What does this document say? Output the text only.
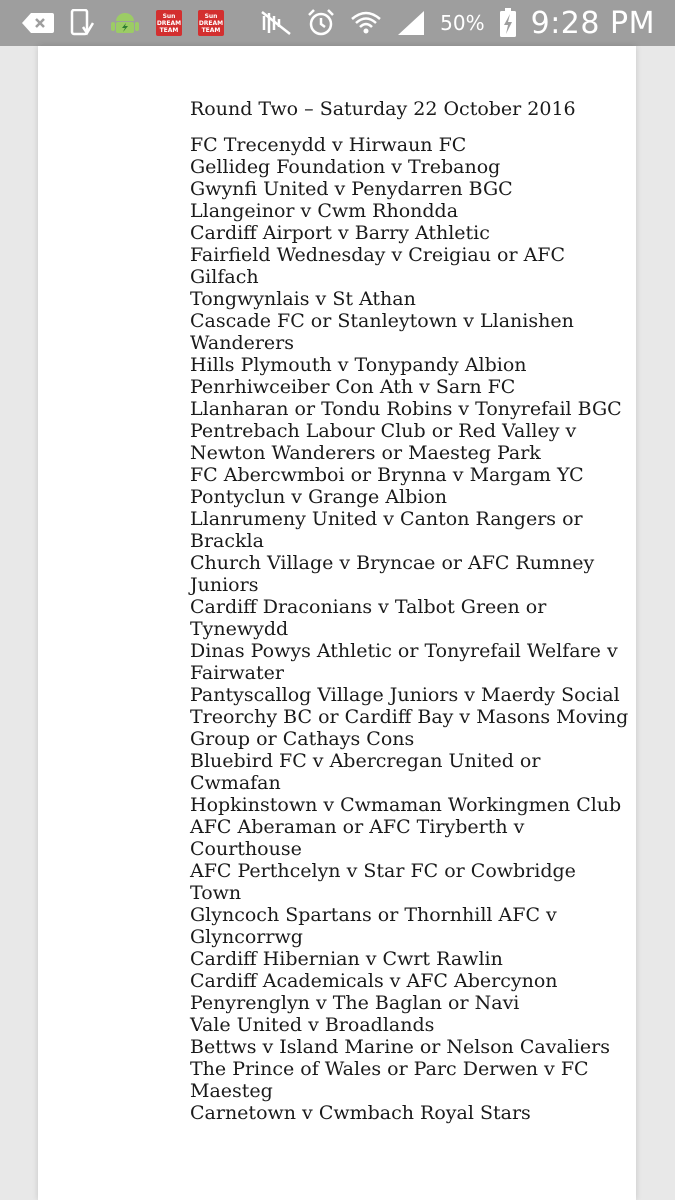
Sun DREAM TEAM
Sun DREAM TEAM	50% 9:28 PM
Round Two – Saturday 22 October 2016
FC Trecenydd v Hirwaun FC
Gellideg Foundation v Trebanog
Gwynfi United v Penydarren BGC
Llangeinor v Cwm Rhondda
Cardiff Airport v Barry Athletic
Fairfield Wednesday v Creigiau or AFC Gilfach
Tongwynlais v St Athan
Cascade FC or Stanleytown v Llanishen Wanderers
Hills Plymouth v Tonypandy Albion
Penrhiwceiber Con Ath v Sarn FC
Llanharan or Tondu Robins v Tonyrefail BGC
Pentrebach Labour Club or Red Valley v Newton Wanderers or Maesteg Park
FC Abercwmboi or Brynna v Margam YC
Pontyclun v Grange Albion
Llanrumeny United v Canton Rangers or Brackla
Church Village v Bryncae or AFC Rumney Juniors
Cardiff Draconians v Talbot Green or Tynewydd
Dinas Powys Athletic or Tonyrefail Welfare v Fairwater
Pantyscallog Village Juniors v Maerdy Social
Treorchy BC or Cardiff Bay v Masons Moving Group or Cathays Cons
Bluebird FC v Abercregan United or Cwmafan
Hopkinstown v Cwmaman Workingmen Club
AFC Aberaman or AFC Tiryberth v Courthouse
AFC Perthcelyn v Star FC or Cowbridge Town
Glyncoch Spartans or Thornhill AFC v Glyncorrwg
Cardiff Hibernian v Cwrt Rawlin
Cardiff Academicals v AFC Abercynon
Penyrenglyn v The Baglan or Navi
Vale United v Broadlands
Bettws v Island Marine or Nelson Cavaliers
The Prince of Wales or Parc Derwen v FC Maesteg
Carnetown v Cwmbach Royal Stars
